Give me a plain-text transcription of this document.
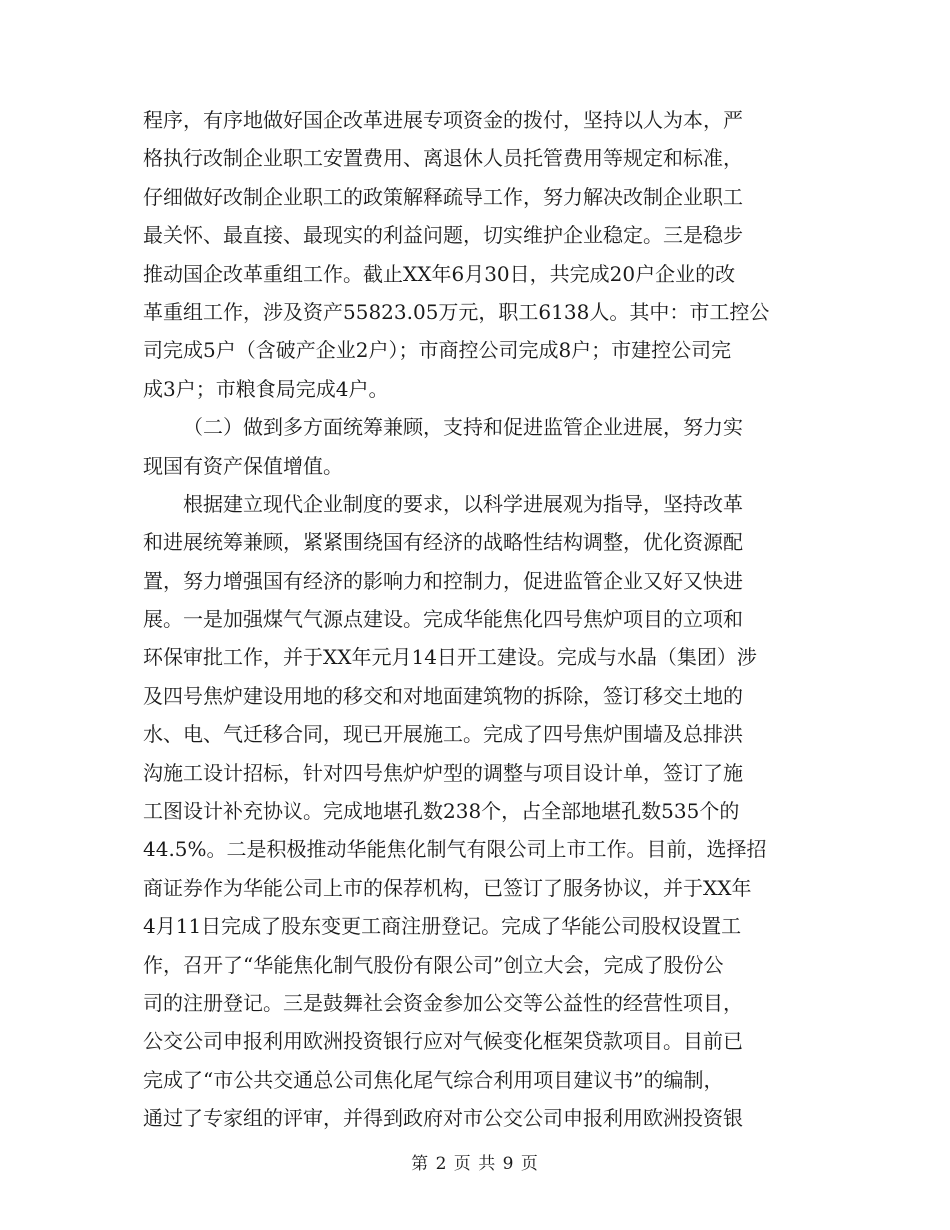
程序，有序地做好国企改革进展专项资金的拨付，坚持以人为本，严
格执行改制企业职工安置费用、离退休人员托管费用等规定和标准，
仔细做好改制企业职工的政策解释疏导工作，努力解决改制企业职工
最关怀、最直接、最现实的利益问题，切实维护企业稳定。三是稳步
推动国企改革重组工作。截止XX年6月30日，共完成20户企业的改
革重组工作，涉及资产55823.05万元，职工6138人。其中：市工控公
司完成5户（含破产企业2户）；市商控公司完成8户；市建控公司完
成3户；市粮食局完成4户。
（二）做到多方面统筹兼顾，支持和促进监管企业进展，努力实
现国有资产保值增值。
根据建立现代企业制度的要求，以科学进展观为指导，坚持改革
和进展统筹兼顾，紧紧围绕国有经济的战略性结构调整，优化资源配
置，努力增强国有经济的影响力和控制力，促进监管企业又好又快进
展。一是加强煤气气源点建设。完成华能焦化四号焦炉项目的立项和
环保审批工作，并于XX年元月14日开工建设。完成与水晶（集团）涉
及四号焦炉建设用地的移交和对地面建筑物的拆除，签订移交土地的
水、电、气迁移合同，现已开展施工。完成了四号焦炉围墙及总排洪
沟施工设计招标，针对四号焦炉炉型的调整与项目设计单，签订了施
工图设计补充协议。完成地堪孔数238个，占全部地堪孔数535个的
44.5%。二是积极推动华能焦化制气有限公司上市工作。目前，选择招
商证券作为华能公司上市的保荐机构，已签订了服务协议，并于XX年
4月11日完成了股东变更工商注册登记。完成了华能公司股权设置工
作，召开了“华能焦化制气股份有限公司”创立大会，完成了股份公
司的注册登记。三是鼓舞社会资金参加公交等公益性的经营性项目，
公交公司申报利用欧洲投资银行应对气候变化框架贷款项目。目前已
完成了“市公共交通总公司焦化尾气综合利用项目建议书”的编制，
通过了专家组的评审，并得到政府对市公交公司申报利用欧洲投资银
第 2 页 共 9 页
